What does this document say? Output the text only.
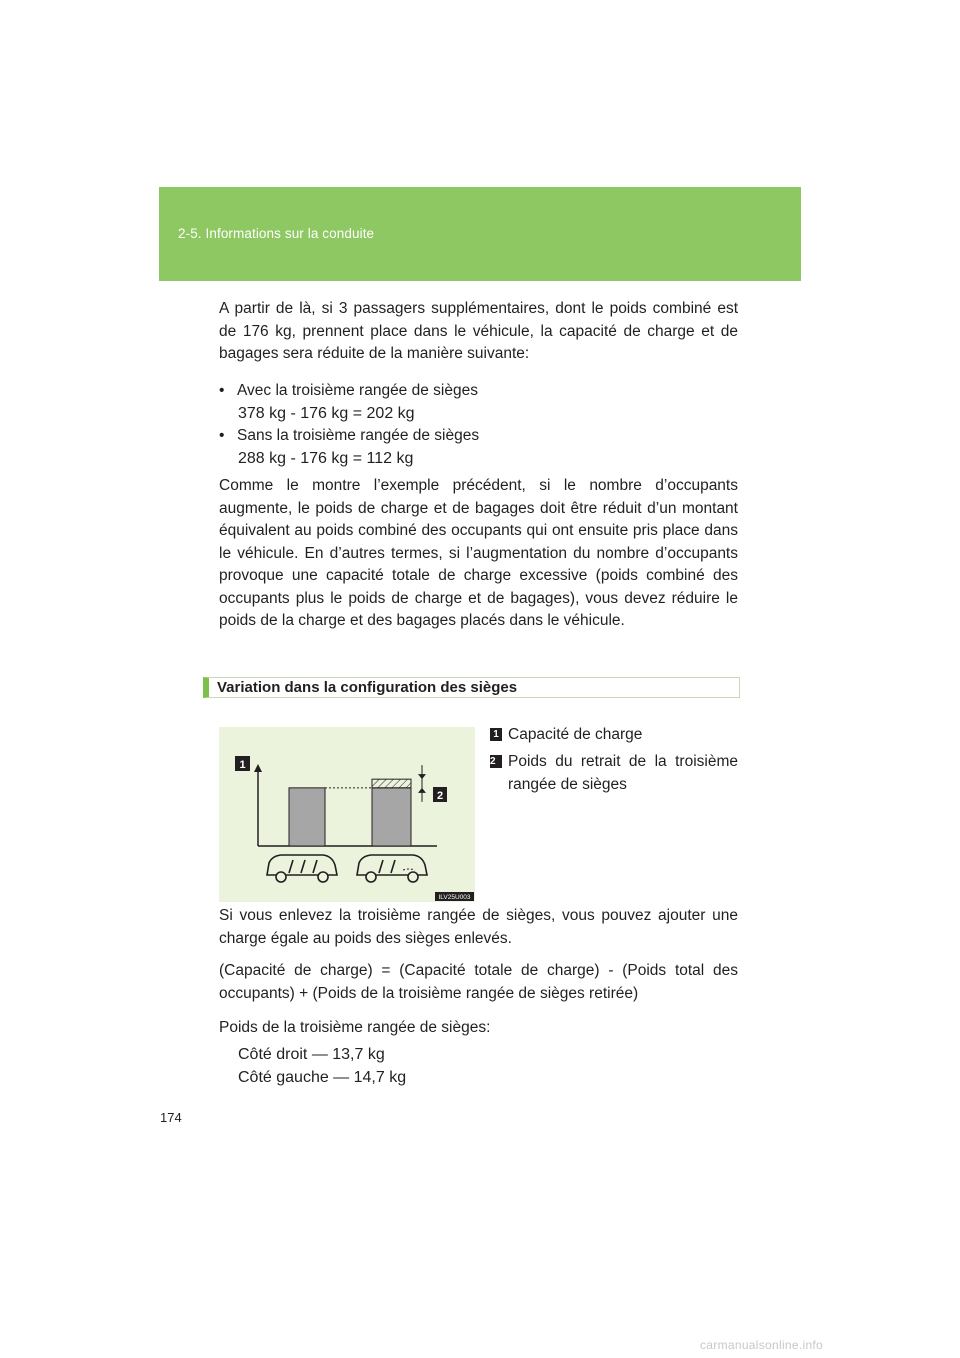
2-5. Informations sur la conduite
A partir de là, si 3 passagers supplémentaires, dont le poids combiné est de 176 kg, prennent place dans le véhicule, la capacité de charge et de bagages sera réduite de la manière suivante:
• Avec la troisième rangée de sièges
378 kg - 176 kg = 202 kg
• Sans la troisième rangée de sièges
288 kg - 176 kg = 112 kg
Comme le montre l’exemple précédent, si le nombre d’occupants augmente, le poids de charge et de bagages doit être réduit d’un montant équivalent au poids combiné des occupants qui ont ensuite pris place dans le véhicule. En d’autres termes, si l’augmentation du nombre d’occupants provoque une capacité totale de charge excessive (poids combiné des occupants plus le poids de charge et de bagages), vous devez réduire le poids de la charge et des bagages placés dans le véhicule.
Variation dans la configuration des sièges
1
2
ILV25U003
1 Capacité de charge
2 Poids du retrait de la troisième rangée de sièges
Si vous enlevez la troisième rangée de sièges, vous pouvez ajouter une charge égale au poids des sièges enlevés.
(Capacité de charge) = (Capacité totale de charge) - (Poids total des occupants) + (Poids de la troisième rangée de sièges retirée)
Poids de la troisième rangée de sièges:
Côté droit — 13,7 kg
Côté gauche — 14,7 kg
174
carmanualsonline.info
